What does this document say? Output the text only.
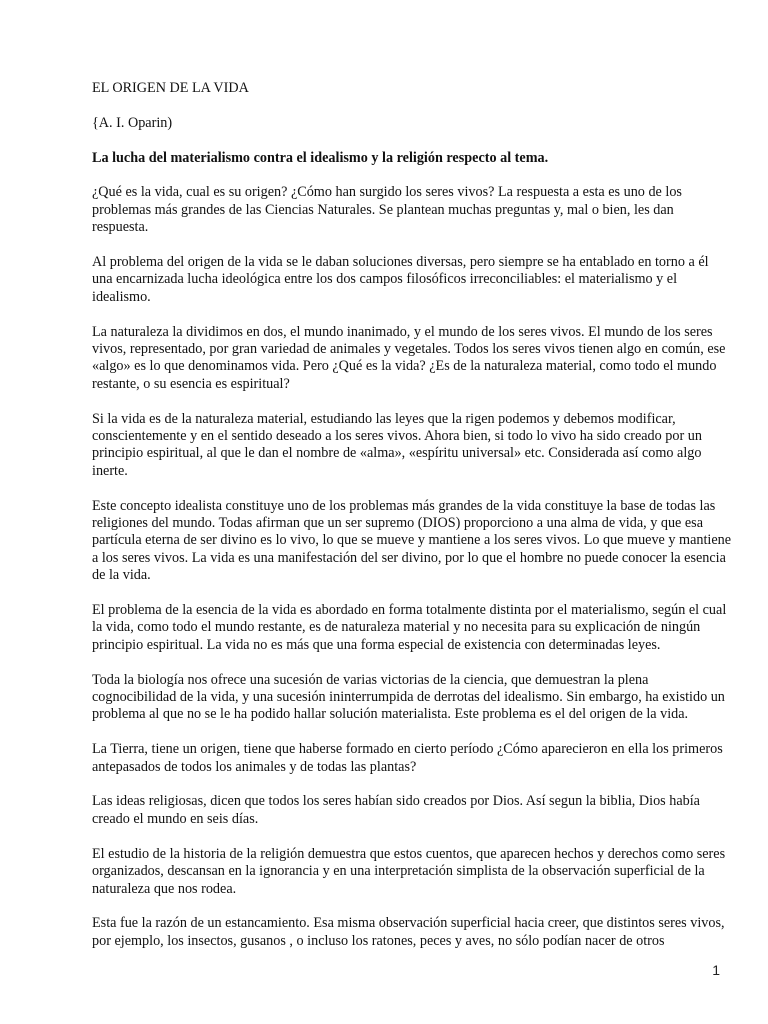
EL ORIGEN DE LA VIDA

{A. I. Oparin)

La lucha del materialismo contra el idealismo y la religión respecto al tema.

¿Qué es la vida, cual es su origen? ¿Cómo han surgido los seres vivos? La respuesta a esta es uno de los problemas más grandes de las Ciencias Naturales. Se plantean muchas preguntas y, mal o bien, les dan respuesta.

Al problema del origen de la vida se le daban soluciones diversas, pero siempre se ha entablado en torno a él una encarnizada lucha ideológica entre los dos campos filosóficos irreconciliables: el materialismo y el idealismo.

La naturaleza la dividimos en dos, el mundo inanimado, y el mundo de los seres vivos. El mundo de los seres vivos, representado, por gran variedad de animales y vegetales. Todos los seres vivos tienen algo en común, ese «algo» es lo que denominamos vida. Pero ¿Qué es la vida? ¿Es de la naturaleza material, como todo el mundo restante, o su esencia es espiritual?

Si la vida es de la naturaleza material, estudiando las leyes que la rigen podemos y debemos modificar, conscientemente y en el sentido deseado a los seres vivos. Ahora bien, si todo lo vivo ha sido creado por un principio espiritual, al que le dan el nombre de «alma», «espíritu universal» etc. Considerada así como algo inerte.

Este concepto idealista constituye uno de los problemas más grandes de la vida constituye la base de todas las religiones del mundo. Todas afirman que un ser supremo (DIOS) proporciono a una alma de vida, y que esa partícula eterna de ser divino es lo vivo, lo que se mueve y mantiene a los seres vivos. Lo que mueve y mantiene a los seres vivos. La vida es una manifestación del ser divino, por lo que el hombre no puede conocer la esencia de la vida.

El problema de la esencia de la vida es abordado en forma totalmente distinta por el materialismo, según el cual la vida, como todo el mundo restante, es de naturaleza material y no necesita para su explicación de ningún principio espiritual. La vida no es más que una forma especial de existencia con determinadas leyes.

Toda la biología nos ofrece una sucesión de varias victorias de la ciencia, que demuestran la plena cognocibilidad de la vida, y una sucesión ininterrumpida de derrotas del idealismo. Sin embargo, ha existido un problema al que no se le ha podido hallar solución materialista. Este problema es el del origen de la vida.

La Tierra, tiene un origen, tiene que haberse formado en cierto período ¿Cómo aparecieron en ella los primeros antepasados de todos los animales y de todas las plantas?

Las ideas religiosas, dicen que todos los seres habían sido creados por Dios. Así segun la biblia, Dios había creado el mundo en seis días.

El estudio de la historia de la religión demuestra que estos cuentos, que aparecen hechos y derechos como seres organizados, descansan en la ignorancia y en una interpretación simplista de la observación superficial de la naturaleza que nos rodea.

Esta fue la razón de un estancamiento. Esa misma observación superficial hacia creer, que distintos seres vivos, por ejemplo, los insectos, gusanos , o incluso los ratones, peces y aves, no sólo podían nacer de otros

1
